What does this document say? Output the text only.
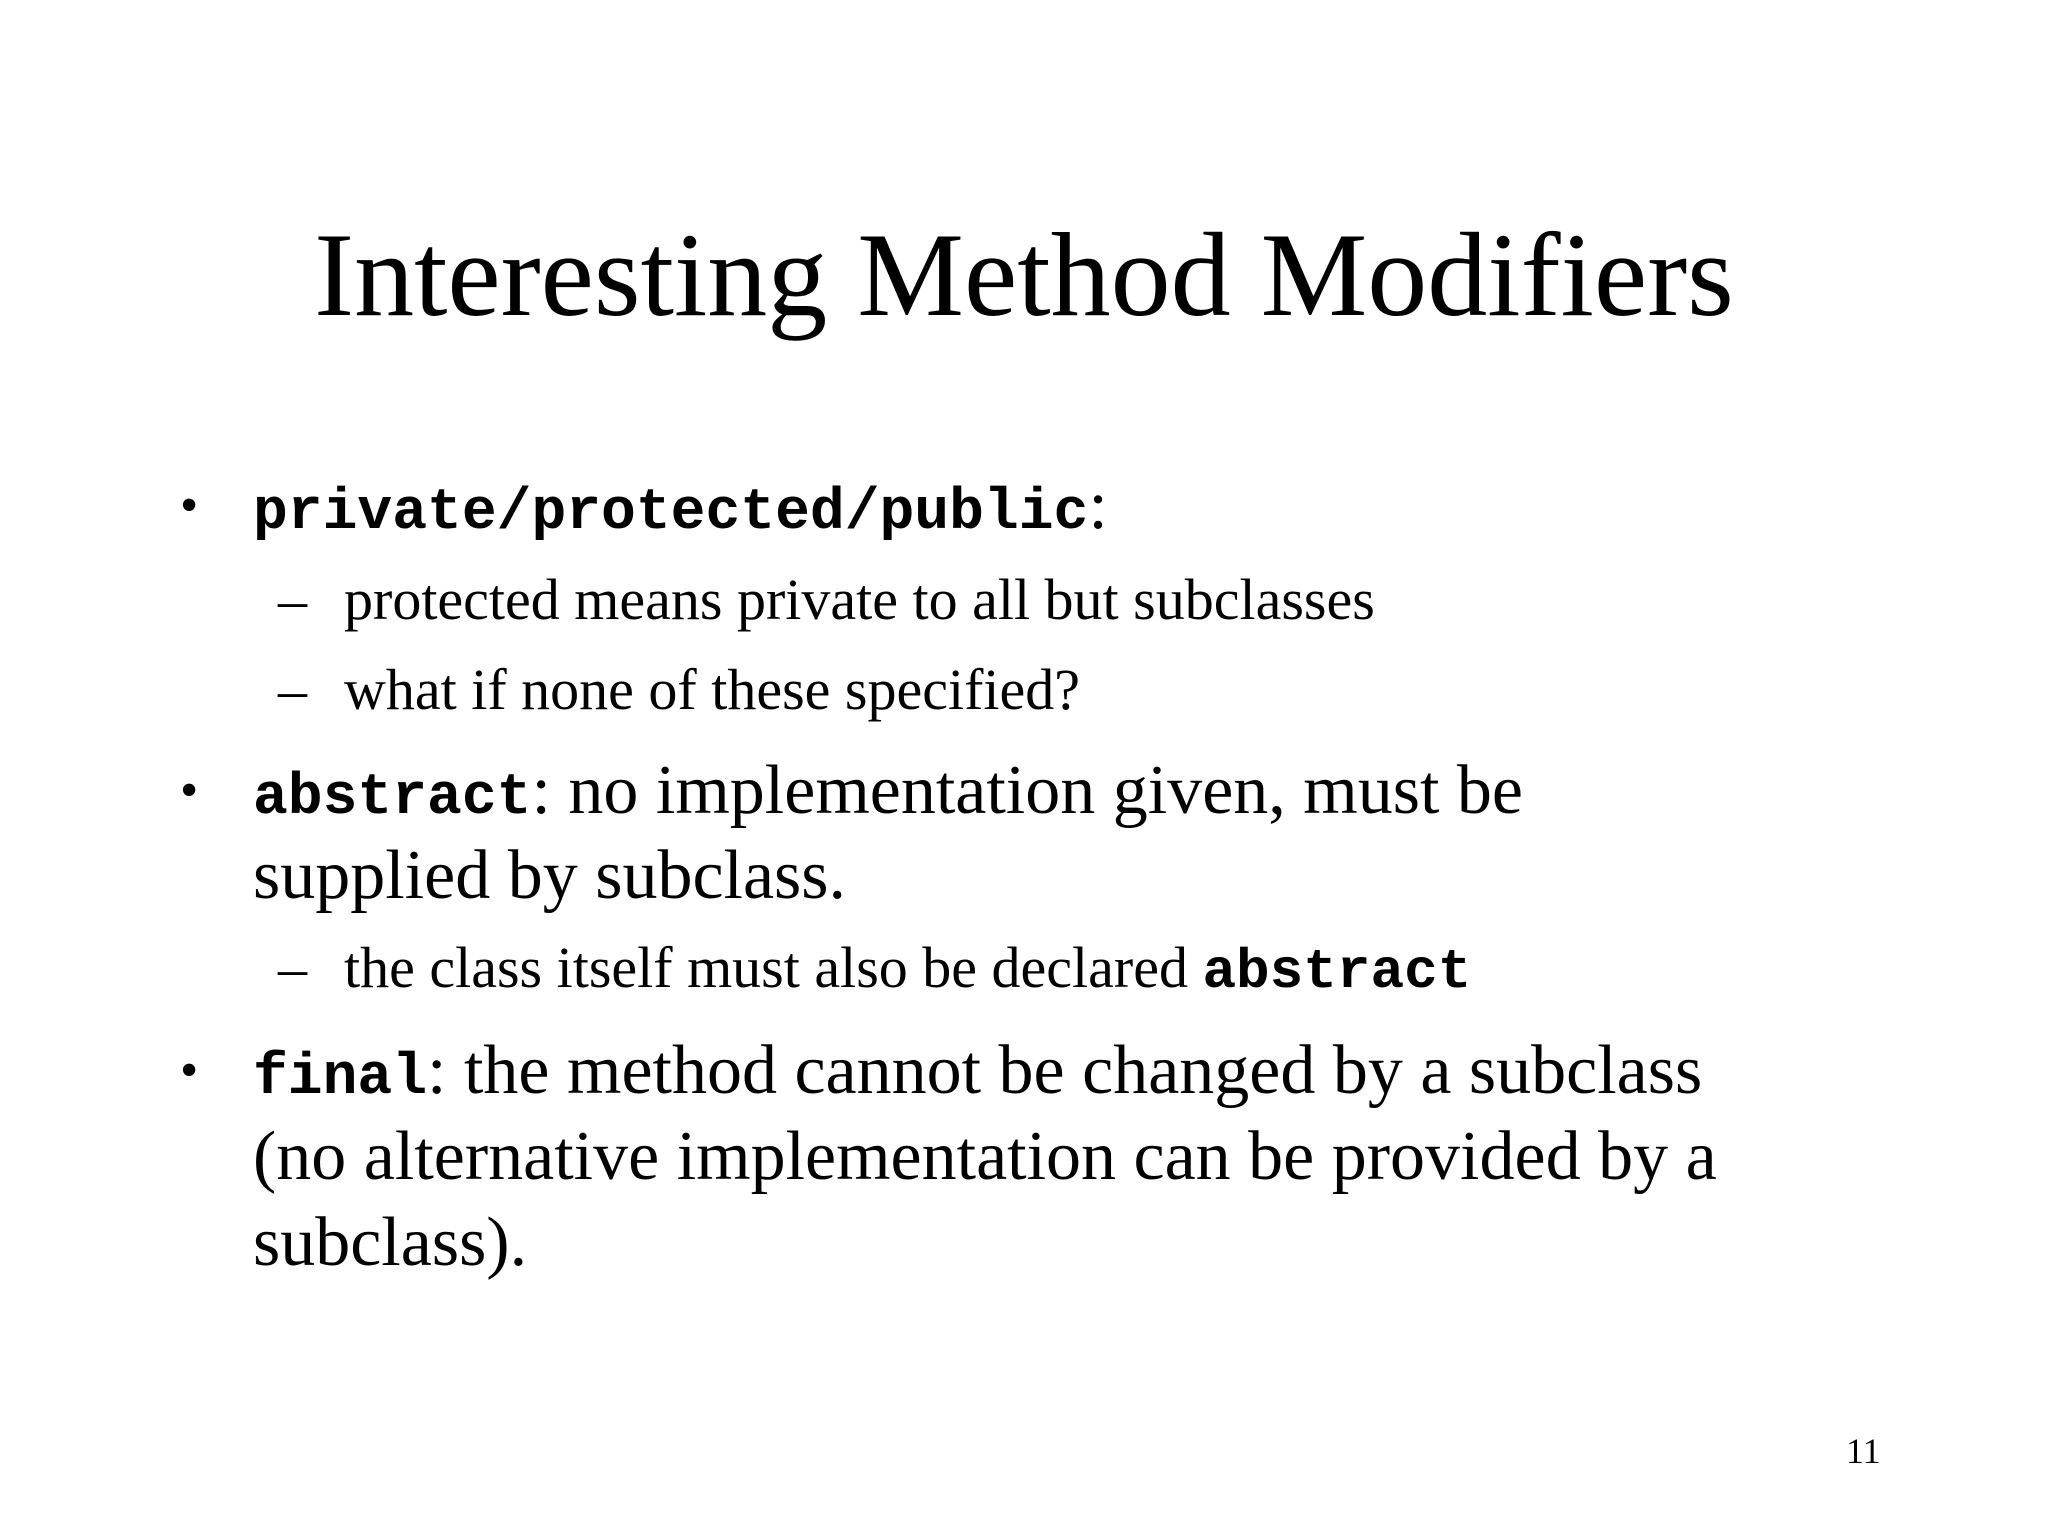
Interesting Method Modifiers
• private/protected/public:
– protected means private to all but subclasses
– what if none of these specified?
• abstract: no implementation given, must be
supplied by subclass.
– the class itself must also be declared abstract
• final: the method cannot be changed by a subclass
(no alternative implementation can be provided by a
subclass).
11
